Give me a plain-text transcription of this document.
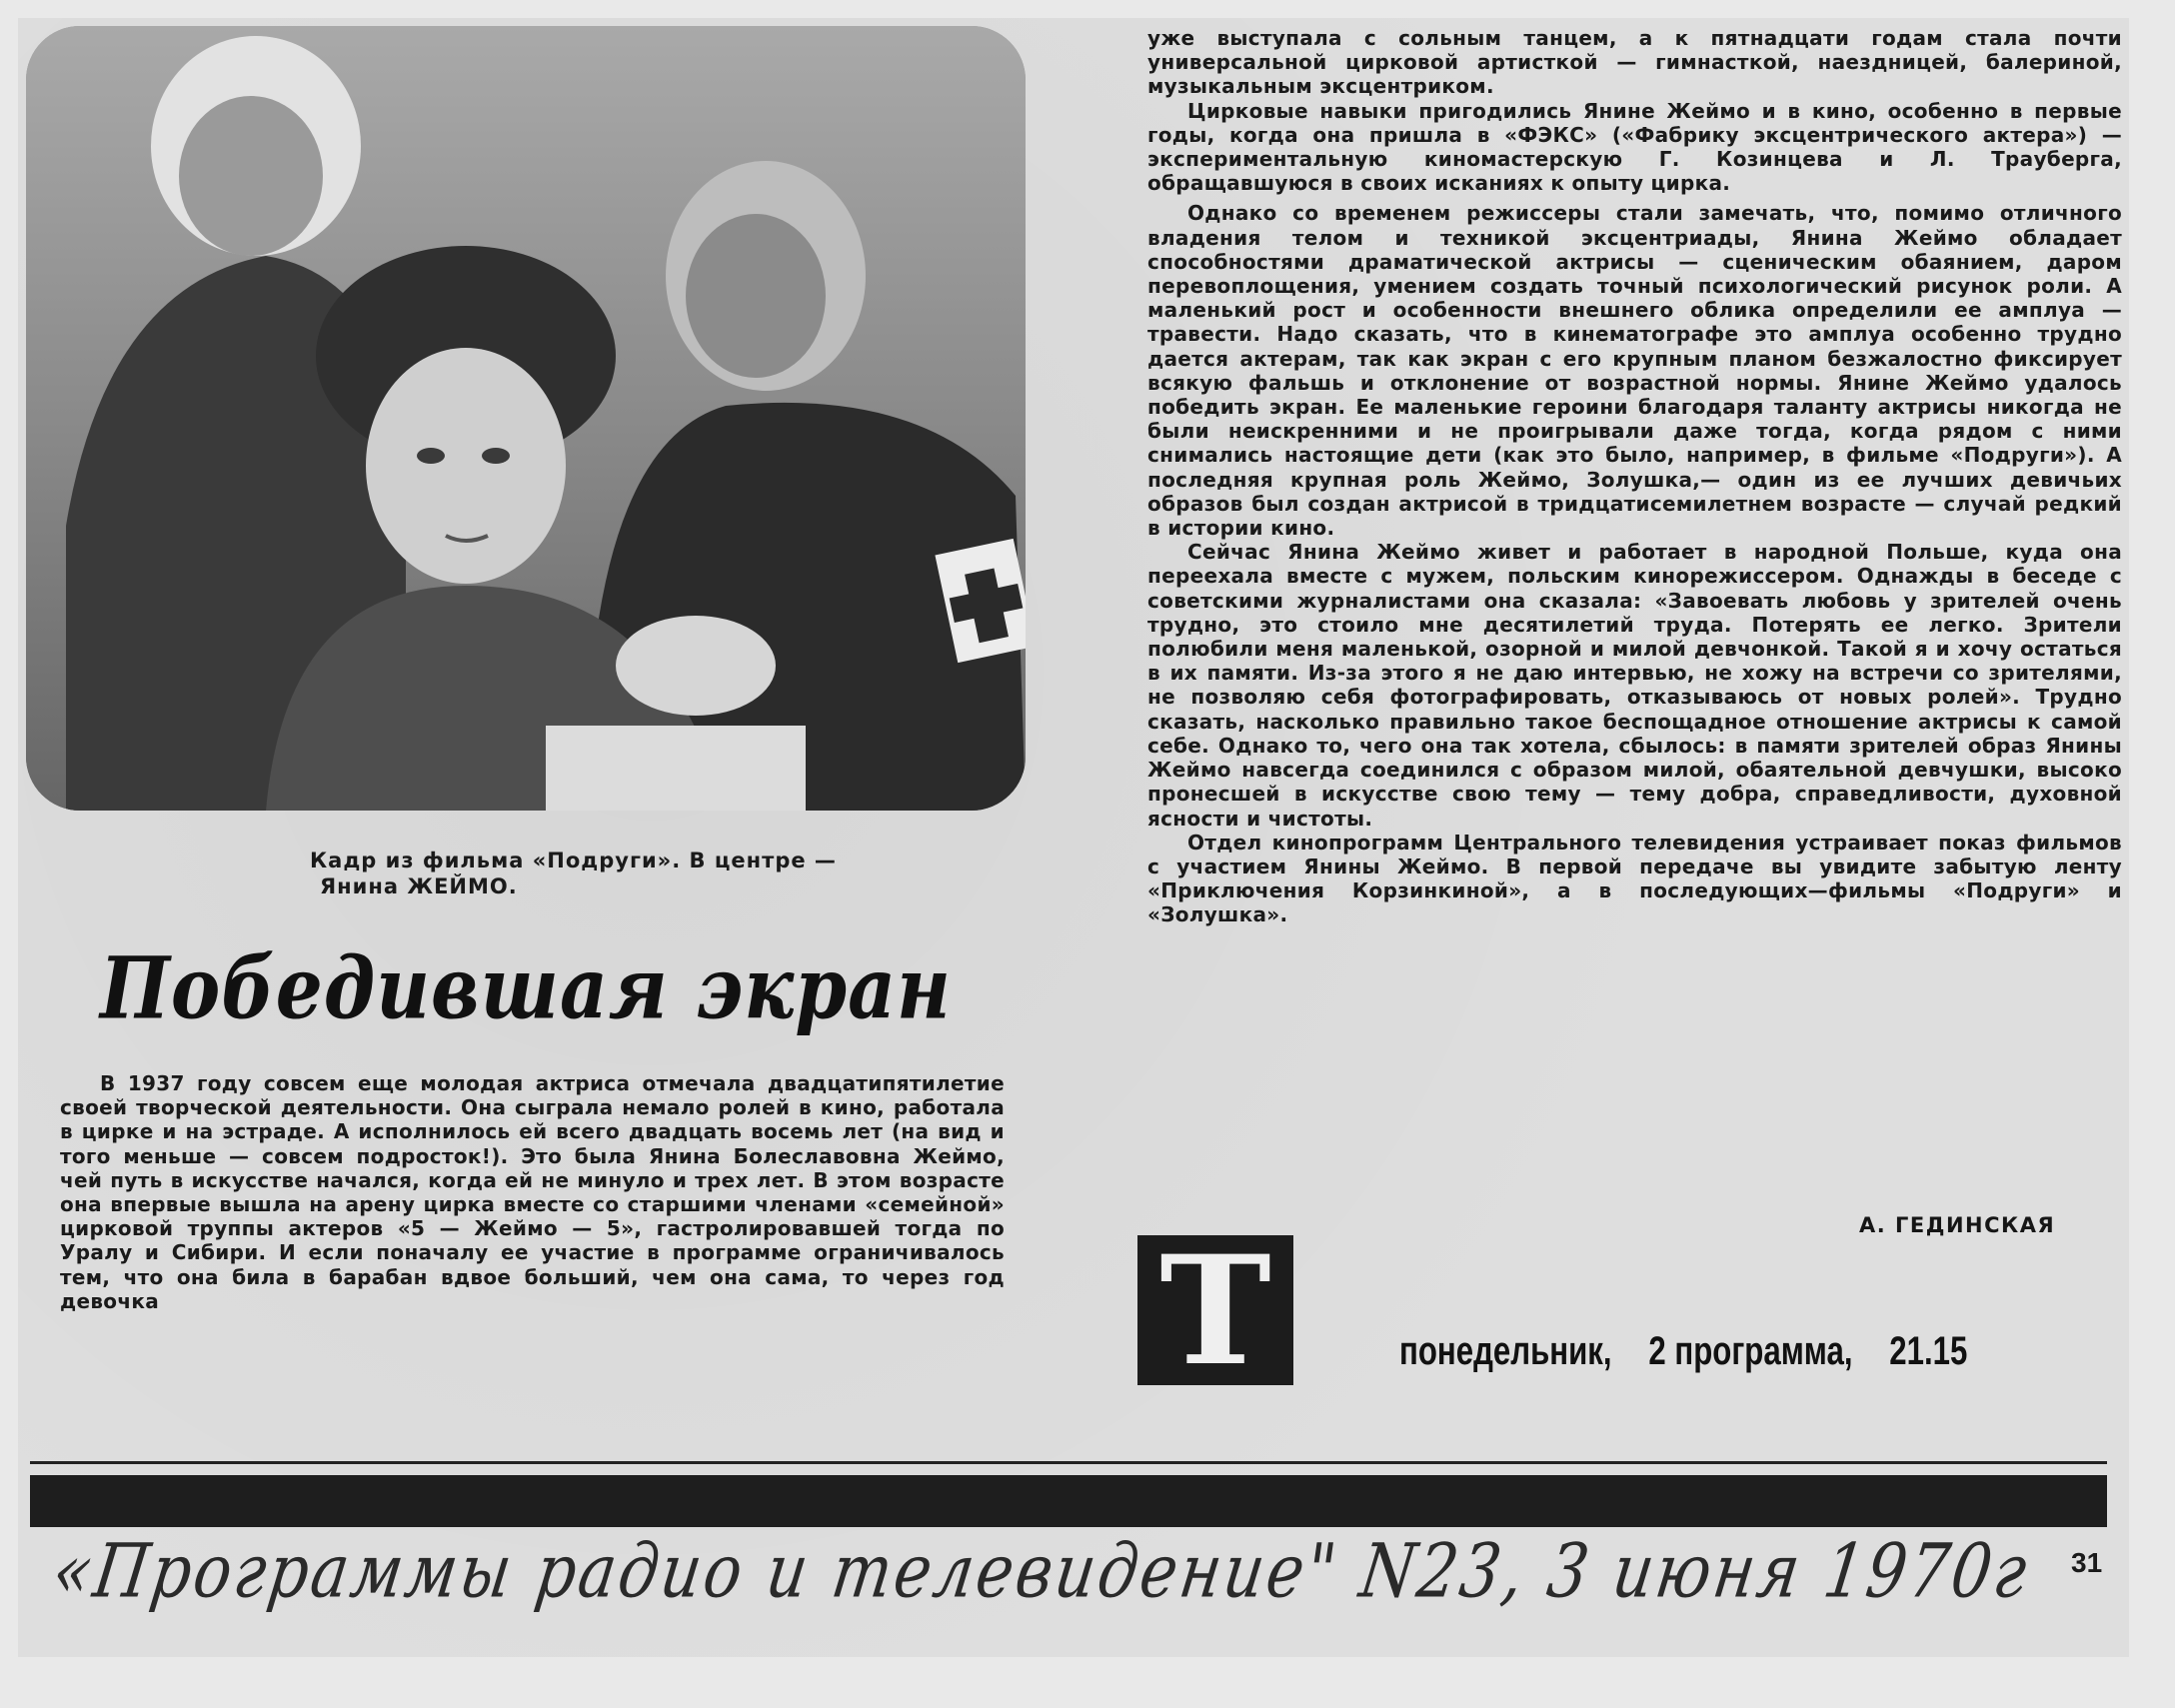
Кадр из фильма «Подруги». В центре —
Янина ЖЕЙМО.
Победившая экран

В 1937 году совсем еще молодая актриса отмечала двадцатипятилетие своей творческой деятельности. Она сыграла немало ролей в кино, работала в цирке и на эстраде. А исполнилось ей всего двадцать восемь лет (на вид и того меньше — совсем подросток!). Это была Янина Болеславовна Жеймо, чей путь в искусстве начался, когда ей не минуло и трех лет. В этом возрасте она впервые вышла на арену цирка вместе со старшими членами «семейной» цирковой труппы актеров «5 — Жеймо — 5», гастролировавшей тогда по Уралу и Сибири. И если поначалу ее участие в программе ограничивалось тем, что она била в барабан вдвое больший, чем она сама, то через год девочка

уже выступала с сольным танцем, а к пятнадцати годам стала почти универсальной цирковой артисткой — гимнасткой, наездницей, балериной, музыкальным эксцентриком.

Цирковые навыки пригодились Янине Жеймо и в кино, особенно в первые годы, когда она пришла в «ФЭКС» («Фабрику эксцентрического актера») — экспериментальную киномастерскую Г. Козинцева и Л. Трауберга, обращавшуюся в своих исканиях к опыту цирка.

Однако со временем режиссеры стали замечать, что, помимо отличного владения телом и техникой эксцентриады, Янина Жеймо обладает способностями драматической актрисы — сценическим обаянием, даром перевоплощения, умением создать точный психологический рисунок роли. А маленький рост и особенности внешнего облика определили ее амплуа — травести. Надо сказать, что в кинематографе это амплуа особенно трудно дается актерам, так как экран с его крупным планом безжалостно фиксирует всякую фальшь и отклонение от возрастной нормы. Янине Жеймо удалось победить экран. Ее маленькие героини благодаря таланту актрисы никогда не были неискренними и не проигрывали даже тогда, когда рядом с ними снимались настоящие дети (как это было, например, в фильме «Подруги»). А последняя крупная роль Жеймо, Золушка,— один из ее лучших девичьих образов был создан актрисой в тридцатисемилетнем возрасте — случай редкий в истории кино.

Сейчас Янина Жеймо живет и работает в народной Польше, куда она переехала вместе с мужем, польским кинорежиссером. Однажды в беседе с советскими журналистами она сказала: «Завоевать любовь у зрителей очень трудно, это стоило мне десятилетий труда. Потерять ее легко. Зрители полюбили меня маленькой, озорной и милой девчонкой. Такой я и хочу остаться в их памяти. Из-за этого я не даю интервью, не хожу на встречи со зрителями, не позволяю себя фотографировать, отказываюсь от новых ролей». Трудно сказать, насколько правильно такое беспощадное отношение актрисы к самой себе. Однако то, чего она так хотела, сбылось: в памяти зрителей образ Янины Жеймо навсегда соединился с образом милой, обаятельной девчушки, высоко пронесшей в искусстве свою тему — тему добра, справедливости, духовной ясности и чистоты.

Отдел кинопрограмм Центрального телевидения устраивает показ фильмов с участием Янины Жеймо. В первой передаче вы увидите забытую ленту «Приключения Корзинкиной», а в последующих—фильмы «Подруги» и «Золушка».

А. ГЕДИНСКАЯ
T	понедельник, 2 программа, 21.15
«Программы радио и телевидение" N23, 3 июня 1970г 31
